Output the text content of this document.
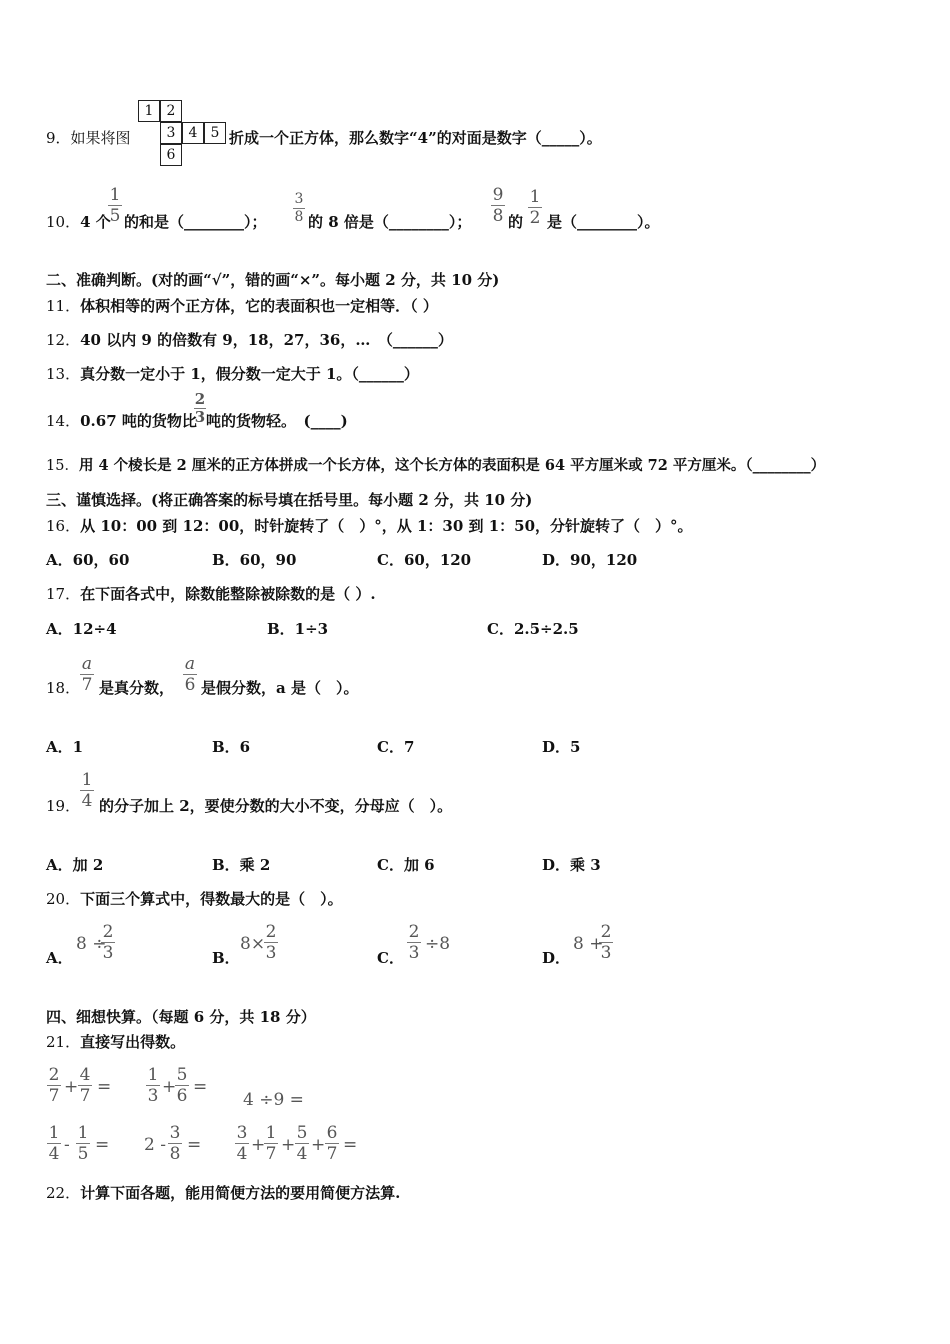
9．如果将图
1 2
3 4 5
6
折成一个正方体，那么数字“4”的对面是数字（_____）。
10．4 个
1
5 的和是（________）；
3
8 的 8 倍是（________）；
9
8 的
1
2 是（________）。
二、准确判断。(对的画“√”，错的画“×”。每小题 2 分，共 10 分)
11．体积相等的两个正方体，它的表面积也一定相等．（ ）
12．40 以内 9 的倍数有 9，18，27，36，…　（______）
13．真分数一定小于 1，假分数一定大于 1。（______）
14．0.67 吨的货物比
2
3 吨的货物轻。　(____)
15．用 4 个棱长是 2 厘米的正方体拼成一个长方体，这个长方体的表面积是 64 平方厘米或 72 平方厘米。（________）
三、谨慎选择。(将正确答案的标号填在括号里。每小题 2 分，共 10 分)
16．从 10：00 到 12：00，时针旋转了（　）°，从 1：30 到 1：50，分针旋转了（　）°。
A．60，60	B．60，90	C．60，120	D．90，120
17．在下面各式中，除数能整除被除数的是（ ）.
A．12÷4	B．1÷3	C．2.5÷2.5
18．
a
7 是真分数，
a
6 是假分数，a 是（　）。
A．1	B．6	C．7	D．5
19．
1
4 的分子加上 2，要使分数的大小不变，分母应（　）。
A．加 2	B．乘 2	C．加 6	D．乘 3
20．下面三个算式中，得数最大的是（　）。
A．
8 ÷
2
3	B．
8×
2
3	C．
2
3 ÷8
D．
8 +
2
3
四、细想快算。（每题 6 分，共 18 分）
21．直接写出得数。
2
7 +
4
7 =
1
3 +
5
6 =
4 ÷9 =
1
4 -
1
5 = 2 -
3
8 =
3
4 +
1
7 +
5
4 +
6
7 =
22．计算下面各题，能用简便方法的要用简便方法算.
